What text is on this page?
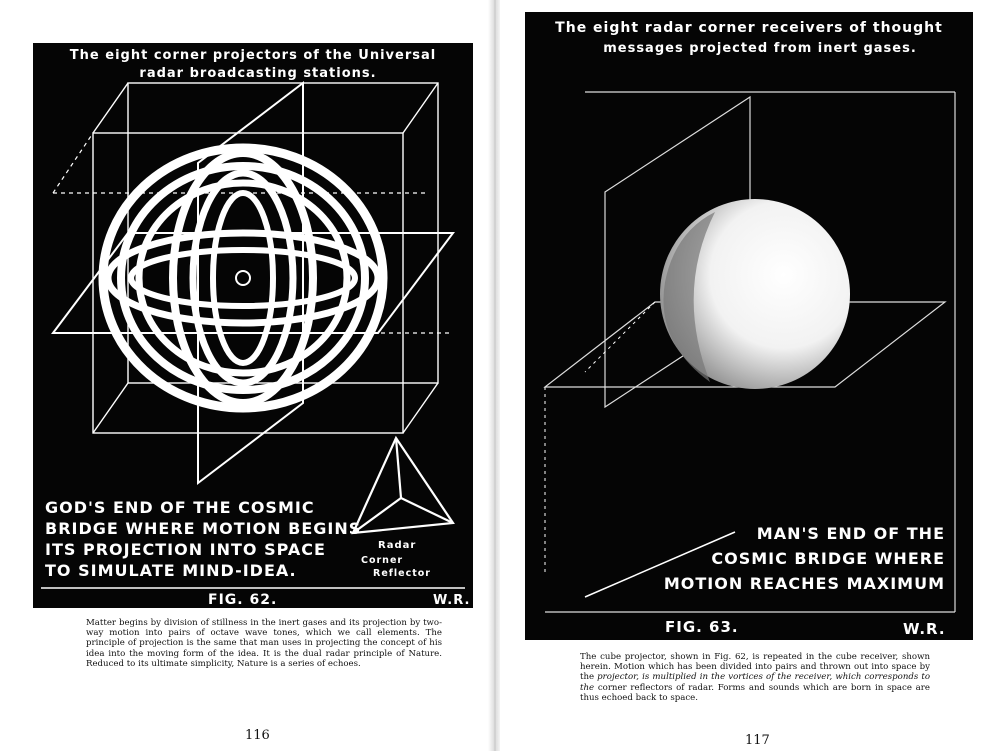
The eight corner projectors of the Universal
radar broadcasting stations.
Radar
Corner
Reflector
GOD'S END OF THE COSMIC
BRIDGE WHERE MOTION BEGINS
ITS PROJECTION INTO SPACE
TO SIMULATE MIND-IDEA.
FIG. 62.	W.R.
Matter begins by division of stillness in the inert gases and its projection by two-way motion into pairs of octave wave tones, which we call elements. The principle of projection is the same that man uses in projecting the concept of his idea into the moving form of the idea. It is the dual radar principle of Nature. Reduced to its ultimate simplicity, Nature is a series of echoes.
116
The eight radar corner receivers of thought
messages projected from inert gases.
MAN'S END OF THE
COSMIC BRIDGE WHERE
MOTION REACHES MAXIMUM
FIG. 63.	W.R.
The cube projector, shown in Fig. 62, is repeated in the cube receiver, shown herein. Motion which has been divided into pairs and thrown out into space by the projector, is multiplied in the vortices of the receiver, which corresponds to the corner reflectors of radar. Forms and sounds which are born in space are thus echoed back to space.
117
